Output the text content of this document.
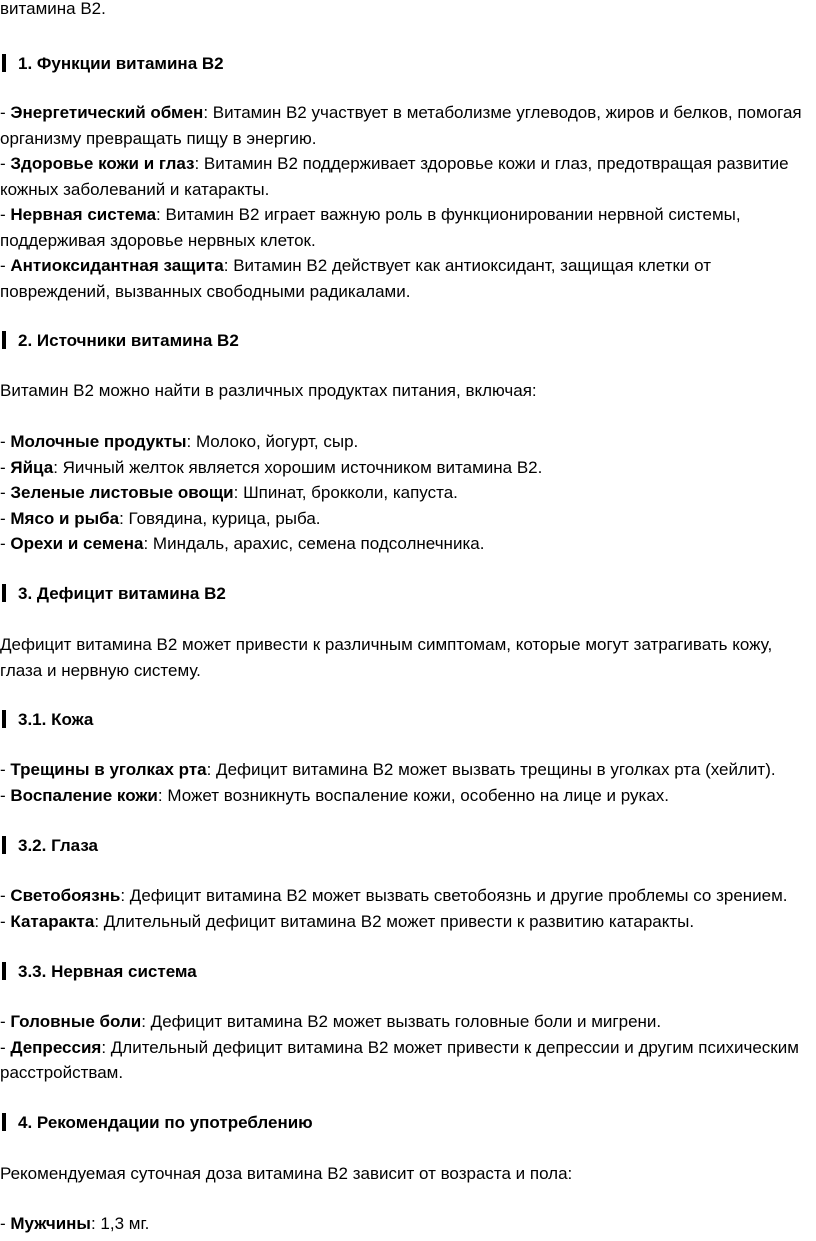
витамина B2.
1. Функции витамина B2
- Энергетический обмен: Витамин B2 участвует в метаболизме углеводов, жиров и белков, помогая организму превращать пищу в энергию.
- Здоровье кожи и глаз: Витамин B2 поддерживает здоровье кожи и глаз, предотвращая развитие кожных заболеваний и катаракты.
- Нервная система: Витамин B2 играет важную роль в функционировании нервной системы, поддерживая здоровье нервных клеток.
- Антиоксидантная защита: Витамин B2 действует как антиоксидант, защищая клетки от повреждений, вызванных свободными радикалами.
2. Источники витамина B2
Витамин B2 можно найти в различных продуктах питания, включая:
- Молочные продукты: Молоко, йогурт, сыр.
- Яйца: Яичный желток является хорошим источником витамина B2.
- Зеленые листовые овощи: Шпинат, брокколи, капуста.
- Мясо и рыба: Говядина, курица, рыба.
- Орехи и семена: Миндаль, арахис, семена подсолнечника.
3. Дефицит витамина B2
Дефицит витамина B2 может привести к различным симптомам, которые могут затрагивать кожу, глаза и нервную систему.
3.1. Кожа
- Трещины в уголках рта: Дефицит витамина B2 может вызвать трещины в уголках рта (хейлит).
- Воспаление кожи: Может возникнуть воспаление кожи, особенно на лице и руках.
3.2. Глаза
- Светобоязнь: Дефицит витамина B2 может вызвать светобоязнь и другие проблемы со зрением.
- Катаракта: Длительный дефицит витамина B2 может привести к развитию катаракты.
3.3. Нервная система
- Головные боли: Дефицит витамина B2 может вызвать головные боли и мигрени.
- Депрессия: Длительный дефицит витамина B2 может привести к депрессии и другим психическим расстройствам.
4. Рекомендации по употреблению
Рекомендуемая суточная доза витамина B2 зависит от возраста и пола:
- Мужчины: 1,3 мг.
